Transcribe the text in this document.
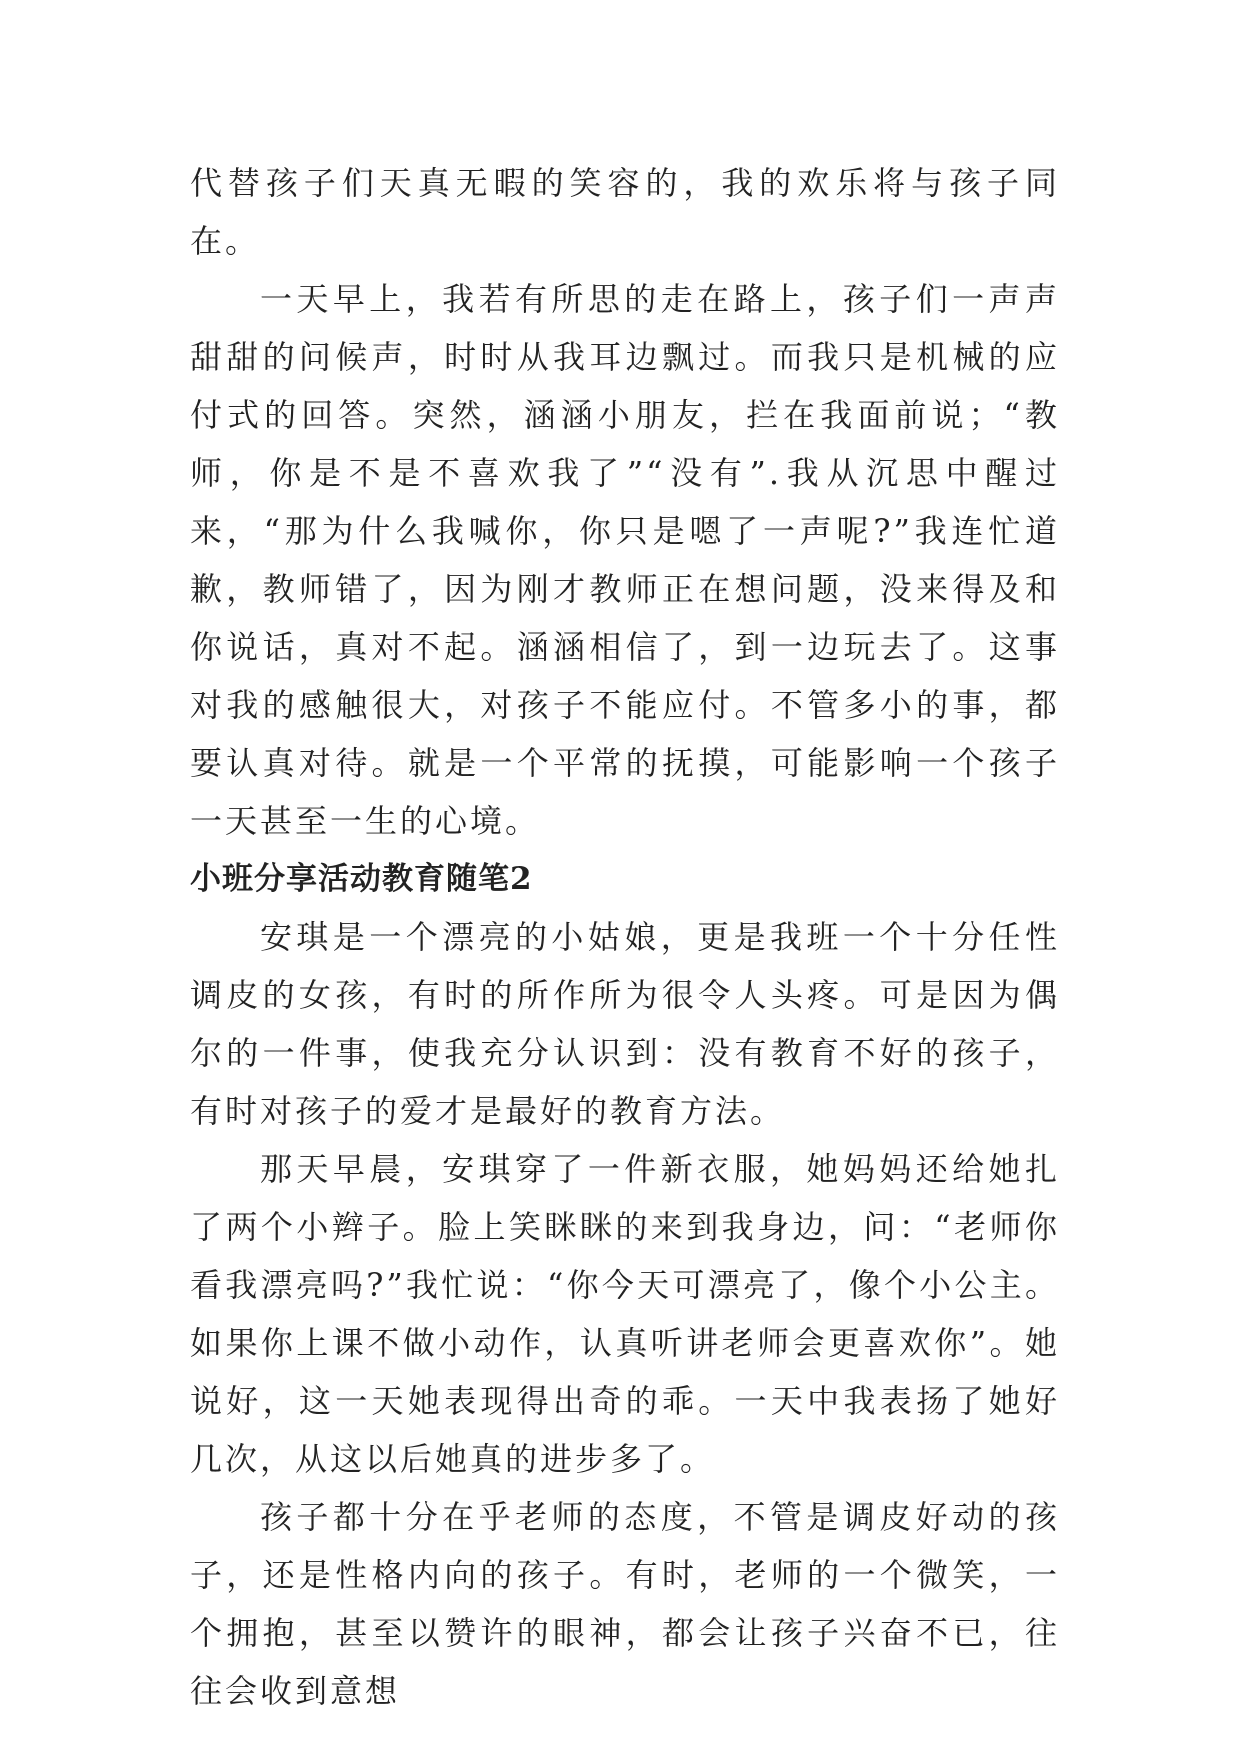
代替孩子们天真无暇的笑容的，我的欢乐将与孩子同在。

一天早上，我若有所思的走在路上，孩子们一声声甜甜的问候声，时时从我耳边飘过。而我只是机械的应付式的回答。突然，涵涵小朋友，拦在我面前说；“教师，你是不是不喜欢我了”“没有”.我从沉思中醒过来，“那为什么我喊你，你只是嗯了一声呢?”我连忙道歉，教师错了，因为刚才教师正在想问题，没来得及和你说话，真对不起。涵涵相信了，到一边玩去了。这事对我的感触很大，对孩子不能应付。不管多小的事，都要认真对待。就是一个平常的抚摸，可能影响一个孩子一天甚至一生的心境。

小班分享活动教育随笔2

安琪是一个漂亮的小姑娘，更是我班一个十分任性调皮的女孩，有时的所作所为很令人头疼。可是因为偶尔的一件事，使我充分认识到：没有教育不好的孩子，有时对孩子的爱才是最好的教育方法。

那天早晨，安琪穿了一件新衣服，她妈妈还给她扎了两个小辫子。脸上笑眯眯的来到我身边，问：“老师你看我漂亮吗?”我忙说：“你今天可漂亮了，像个小公主。如果你上课不做小动作，认真听讲老师会更喜欢你”。她说好，这一天她表现得出奇的乖。一天中我表扬了她好几次，从这以后她真的进步多了。

孩子都十分在乎老师的态度，不管是调皮好动的孩子，还是性格内向的孩子。有时，老师的一个微笑，一个拥抱，甚至以赞许的眼神，都会让孩子兴奋不已，往往会收到意想
